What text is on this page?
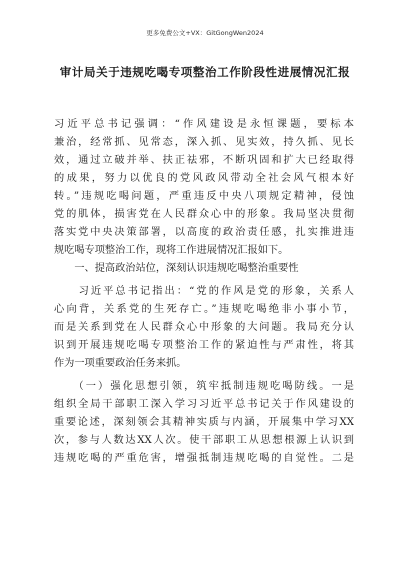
更多免费公文+VX：GitGongWen2024
审计局关于违规吃喝专项整治工作阶段性进展情况汇报
习近平总书记强调：“作风建设是永恒课题，要标本
兼治，经常抓、见常态，深入抓、见实效，持久抓、见长
效，通过立破并举、扶正祛邪，不断巩固和扩大已经取得
的成果，努力以优良的党风政风带动全社会风气根本好
转。”违规吃喝问题，严重违反中央八项规定精神，侵蚀
党的肌体，损害党在人民群众心中的形象。我局坚决贯彻
落实党中央决策部署，以高度的政治责任感，扎实推进违
规吃喝专项整治工作，现将工作进展情况汇报如下。
　　一、提高政治站位，深刻认识违规吃喝整治重要性
　　习近平总书记指出：“党的作风是党的形象，关系人
心向背，关系党的生死存亡。”违规吃喝绝非小事小节，
而是关系到党在人民群众心中形象的大问题。我局充分认
识到开展违规吃喝专项整治工作的紧迫性与严肃性，将其
作为一项重要政治任务来抓。
　　（一）强化思想引领，筑牢抵制违规吃喝防线。一是
组织全局干部职工深入学习习近平总书记关于作风建设的
重要论述，深刻领会其精神实质与内涵，开展集中学习XX
次，参与人数达XX人次。使干部职工从思想根源上认识到
违规吃喝的严重危害，增强抵制违规吃喝的自觉性。二是
